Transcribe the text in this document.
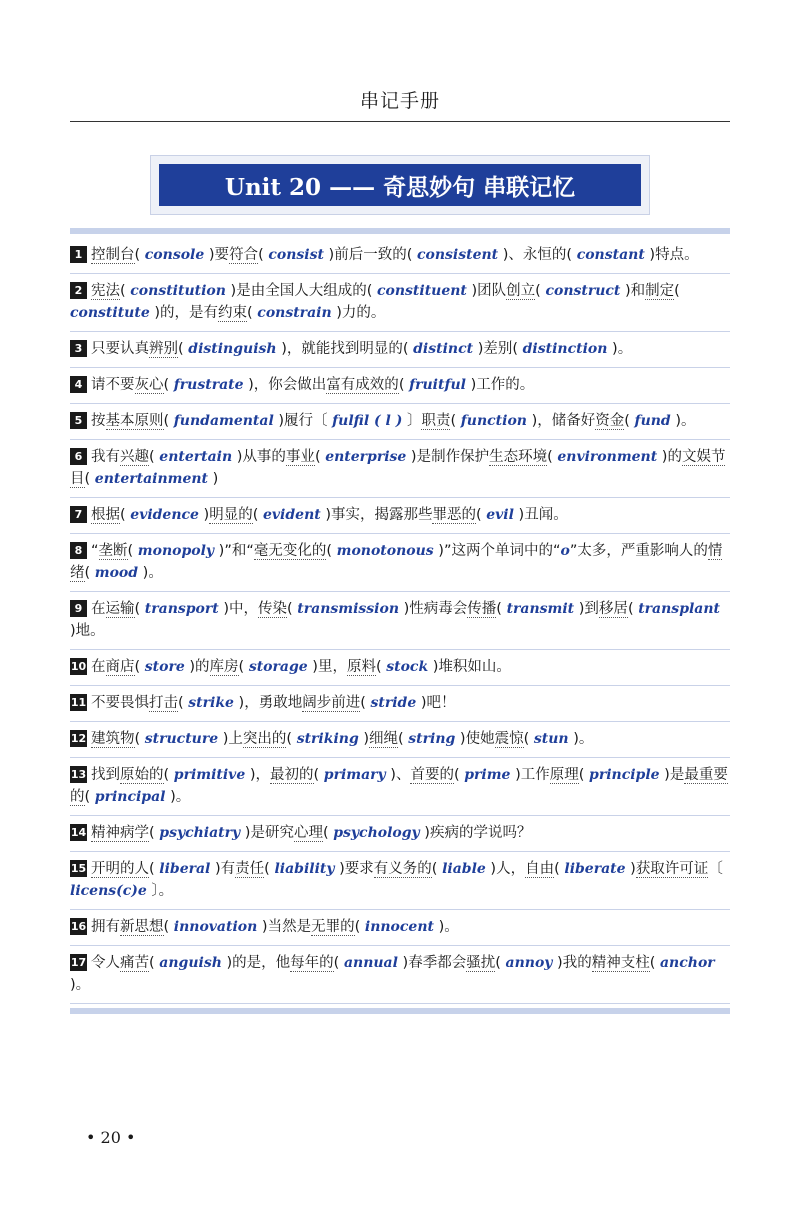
串记手册
Unit 20 —— 奇思妙句 串联记忆
1 控制台( console )要符合( consist )前后一致的( consistent )、永恒的( constant )特点。
2 宪法( constitution )是由全国人大组成的( constituent )团队创立( construct )和制定( constitute )的，是有约束( constrain )力的。
3 只要认真辨别( distinguish )，就能找到明显的( distinct )差别( distinction )。
4 请不要灰心( frustrate )，你会做出富有成效的( fruitful )工作的。
5 按基本原则( fundamental )履行〔 fulfil ( l ) 〕职责( function )，储备好资金( fund )。
6 我有兴趣( entertain )从事的事业( enterprise )是制作保护生态环境( environment )的文娱节目( entertainment )
7 根据( evidence )明显的( evident )事实，揭露那些罪恶的( evil )丑闻。
8 “垄断( monopoly )”和“毫无变化的( monotonous )”这两个单词中的“o”太多，严重影响人的情绪( mood )。
9 在运输( transport )中，传染( transmission )性病毒会传播( transmit )到移居( transplant )地。
10 在商店( store )的库房( storage )里，原料( stock )堆积如山。
11 不要畏惧打击( strike )，勇敢地阔步前进( stride )吧！
12 建筑物( structure )上突出的( striking )细绳( string )使她震惊( stun )。
13 找到原始的( primitive )，最初的( primary )、首要的( prime )工作原理( principle )是最重要的( principal )。
14 精神病学( psychiatry )是研究心理( psychology )疾病的学说吗？
15 开明的人( liberal )有责任( liability )要求有义务的( liable )人，自由( liberate )获取许可证〔 licens(c)e 〕。
16 拥有新思想( innovation )当然是无罪的( innocent )。
17 令人痛苦( anguish )的是，他每年的( annual )春季都会骚扰( annoy )我的精神支柱( anchor )。
• 20 •
